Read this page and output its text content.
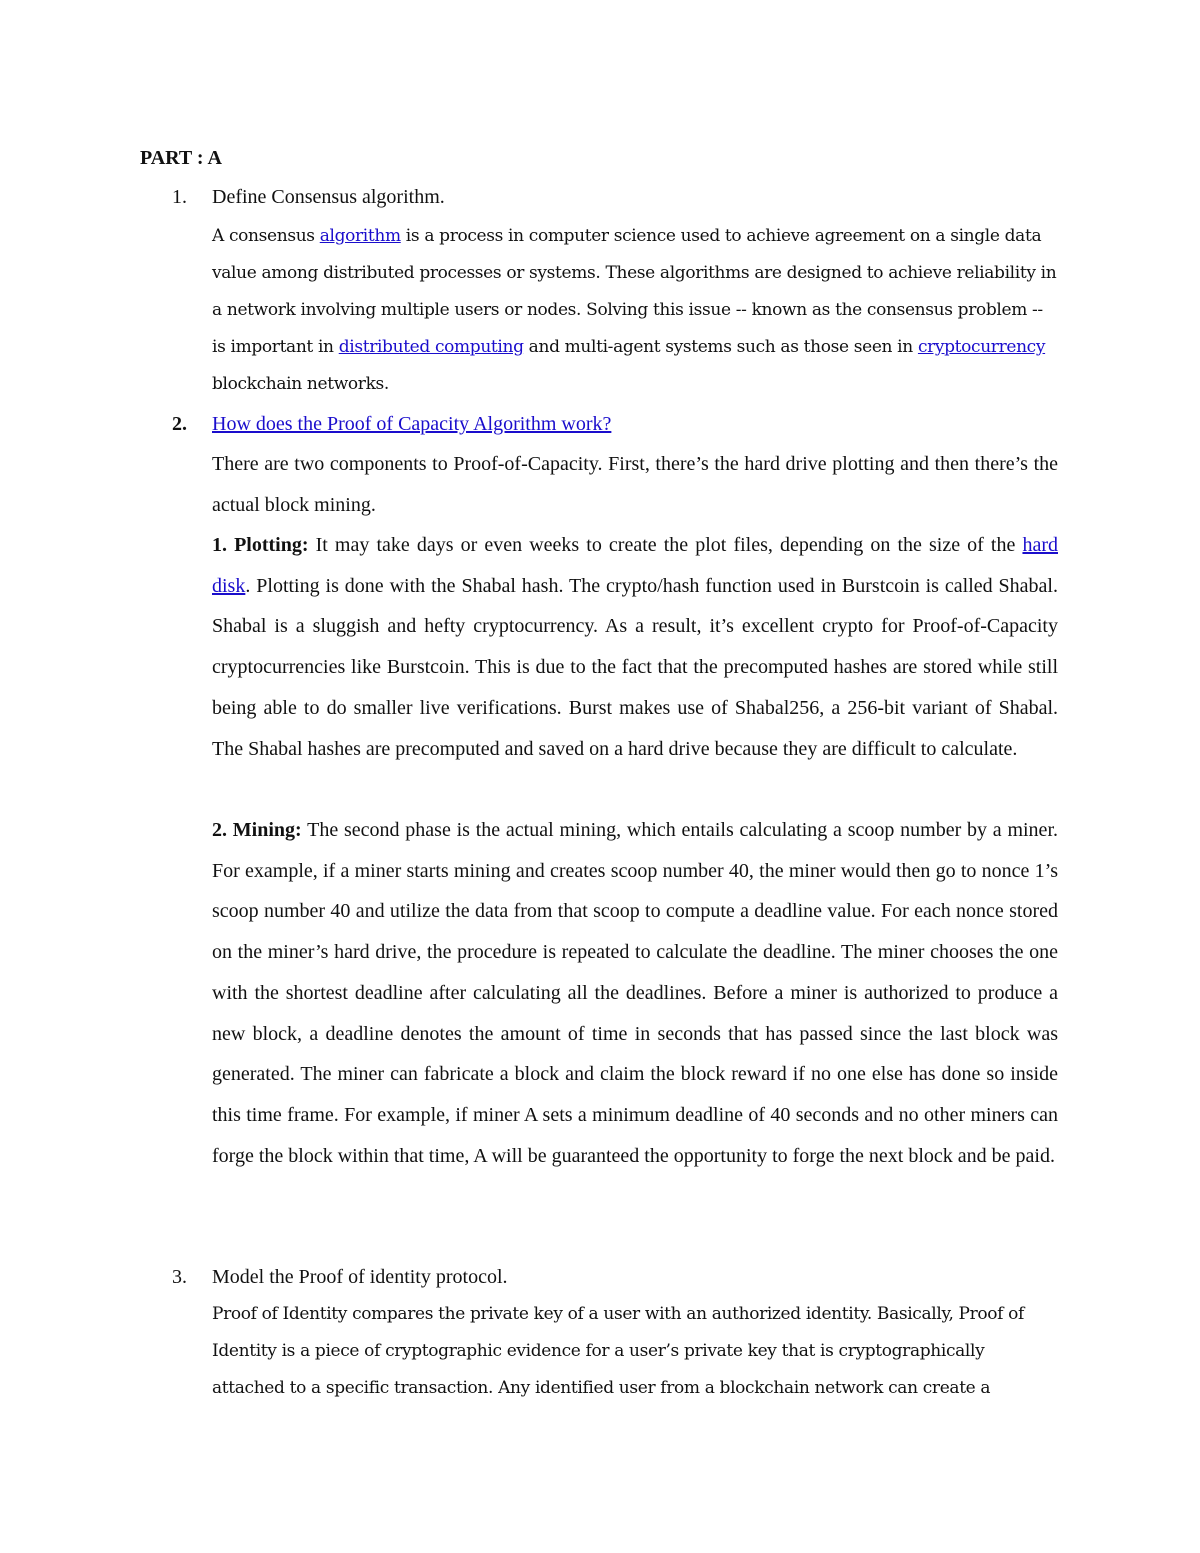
PART : A
1. Define Consensus algorithm.
A consensus algorithm is a process in computer science used to achieve agreement on a single data value among distributed processes or systems. These algorithms are designed to achieve reliability in a network involving multiple users or nodes. Solving this issue -- known as the consensus problem -- is important in distributed computing and multi-agent systems such as those seen in cryptocurrency blockchain networks.
2. How does the Proof of Capacity Algorithm work?
There are two components to Proof-of-Capacity. First, there’s the hard drive plotting and then there’s the actual block mining.
1. Plotting: It may take days or even weeks to create the plot files, depending on the size of the hard disk. Plotting is done with the Shabal hash. The crypto/hash function used in Burstcoin is called Shabal. Shabal is a sluggish and hefty cryptocurrency. As a result, it’s excellent crypto for Proof-of-Capacity cryptocurrencies like Burstcoin. This is due to the fact that the precomputed hashes are stored while still being able to do smaller live verifications. Burst makes use of Shabal256, a 256-bit variant of Shabal. The Shabal hashes are precomputed and saved on a hard drive because they are difficult to calculate.
2. Mining: The second phase is the actual mining, which entails calculating a scoop number by a miner. For example, if a miner starts mining and creates scoop number 40, the miner would then go to nonce 1’s scoop number 40 and utilize the data from that scoop to compute a deadline value. For each nonce stored on the miner’s hard drive, the procedure is repeated to calculate the deadline. The miner chooses the one with the shortest deadline after calculating all the deadlines. Before a miner is authorized to produce a new block, a deadline denotes the amount of time in seconds that has passed since the last block was generated. The miner can fabricate a block and claim the block reward if no one else has done so inside this time frame. For example, if miner A sets a minimum deadline of 40 seconds and no other miners can forge the block within that time, A will be guaranteed the opportunity to forge the next block and be paid.
3. Model the Proof of identity protocol.
Proof of Identity compares the private key of a user with an authorized identity. Basically, Proof of Identity is a piece of cryptographic evidence for a user’s private key that is cryptographically attached to a specific transaction. Any identified user from a blockchain network can create a
